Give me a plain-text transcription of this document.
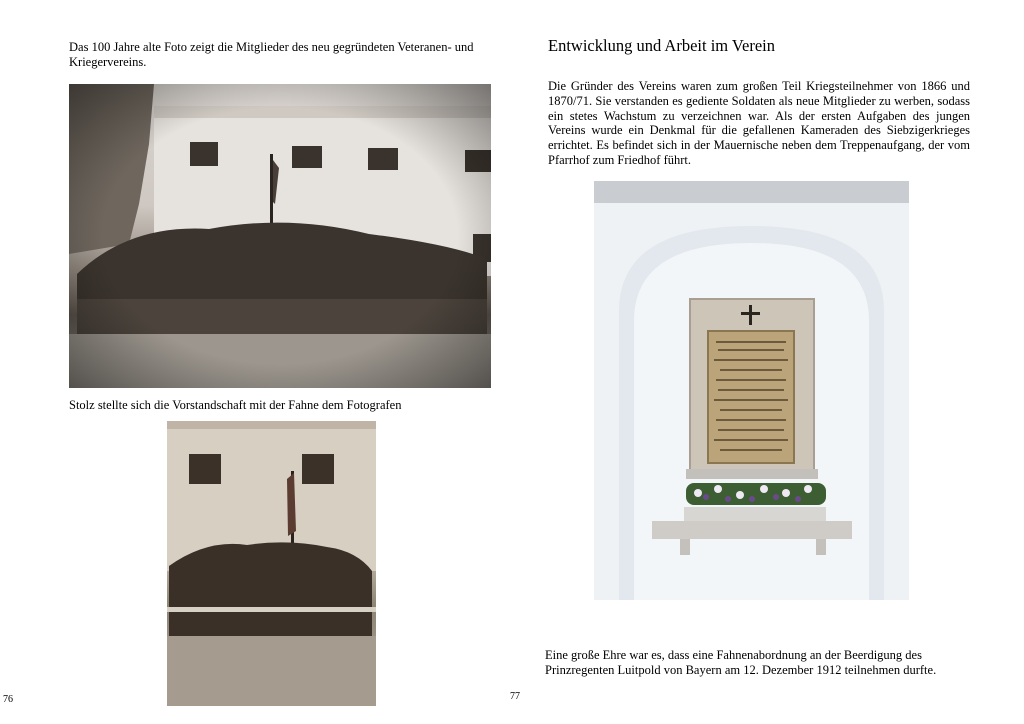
Das 100 Jahre alte Foto zeigt die Mitglieder des neu gegründeten Veteranen- und Kriegervereins.
Stolz stellte sich die Vorstandschaft mit der Fahne dem Fotografen
76
Entwicklung und Arbeit im Verein
Die Gründer des Vereins waren zum großen Teil Kriegsteilnehmer von 1866 und 1870/71. Sie verstanden es gediente Soldaten als neue Mitglieder zu werben, sodass ein stetes Wachstum zu verzeichnen war. Als der ersten Aufgaben des jungen Vereins wurde ein Denkmal für die gefallenen Kameraden des Siebzigerkrieges errichtet. Es befindet sich in der Mauernische neben dem Treppenaufgang, der vom Pfarrhof zum Friedhof führt.
Eine große Ehre war es, dass eine Fahnenabordnung an der Beerdigung des Prinzregenten Luitpold von Bayern am 12. Dezember 1912 teilnehmen durfte.
77
